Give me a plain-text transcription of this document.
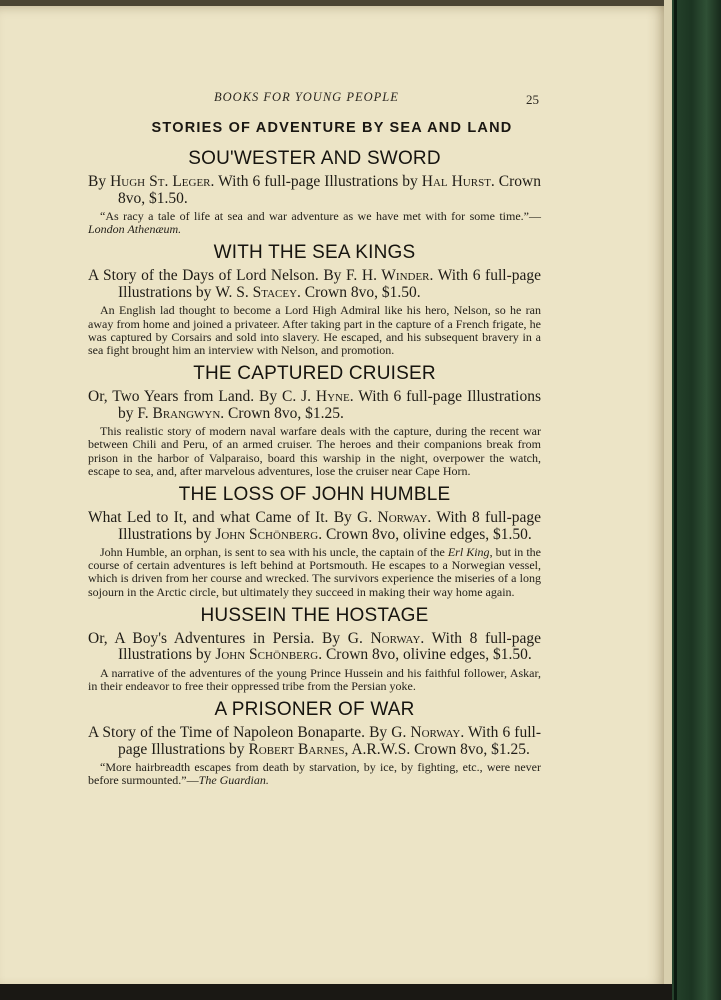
BOOKS FOR YOUNG PEOPLE	25
STORIES OF ADVENTURE BY SEA AND LAND
SOU'WESTER AND SWORD
By Hugh St. Leger. With 6 full-page Illustrations by Hal Hurst. Crown 8vo, $1.50.
“As racy a tale of life at sea and war adventure as we have met with for some time.”—London Athenæum.
WITH THE SEA KINGS
A Story of the Days of Lord Nelson. By F. H. Winder. With 6 full-page Illustrations by W. S. Stacey. Crown 8vo, $1.50.
An English lad thought to become a Lord High Admiral like his hero, Nelson, so he ran away from home and joined a privateer. After taking part in the capture of a French frigate, he was captured by Corsairs and sold into slavery. He escaped, and his subsequent bravery in a sea fight brought him an interview with Nelson, and promotion.
THE CAPTURED CRUISER
Or, Two Years from Land. By C. J. Hyne. With 6 full-page Illustrations by F. Brangwyn. Crown 8vo, $1.25.
This realistic story of modern naval warfare deals with the capture, during the recent war between Chili and Peru, of an armed cruiser. The heroes and their companions break from prison in the harbor of Valparaiso, board this warship in the night, overpower the watch, escape to sea, and, after marvelous adventures, lose the cruiser near Cape Horn.
THE LOSS OF JOHN HUMBLE
What Led to It, and what Came of It. By G. Norway. With 8 full-page Illustrations by John Schönberg. Crown 8vo, olivine edges, $1.50.
John Humble, an orphan, is sent to sea with his uncle, the captain of the Erl King, but in the course of certain adventures is left behind at Portsmouth. He escapes to a Norwegian vessel, which is driven from her course and wrecked. The survivors experience the miseries of a long sojourn in the Arctic circle, but ultimately they succeed in making their way home again.
HUSSEIN THE HOSTAGE
Or, A Boy's Adventures in Persia. By G. Norway. With 8 full-page Illustrations by John Schönberg. Crown 8vo, olivine edges, $1.50.
A narrative of the adventures of the young Prince Hussein and his faithful follower, Askar, in their endeavor to free their oppressed tribe from the Persian yoke.
A PRISONER OF WAR
A Story of the Time of Napoleon Bonaparte. By G. Norway. With 6 full-page Illustrations by Robert Barnes, A.R.W.S. Crown 8vo, $1.25.
“More hairbreadth escapes from death by starvation, by ice, by fighting, etc., were never before surmounted.”—The Guardian.
